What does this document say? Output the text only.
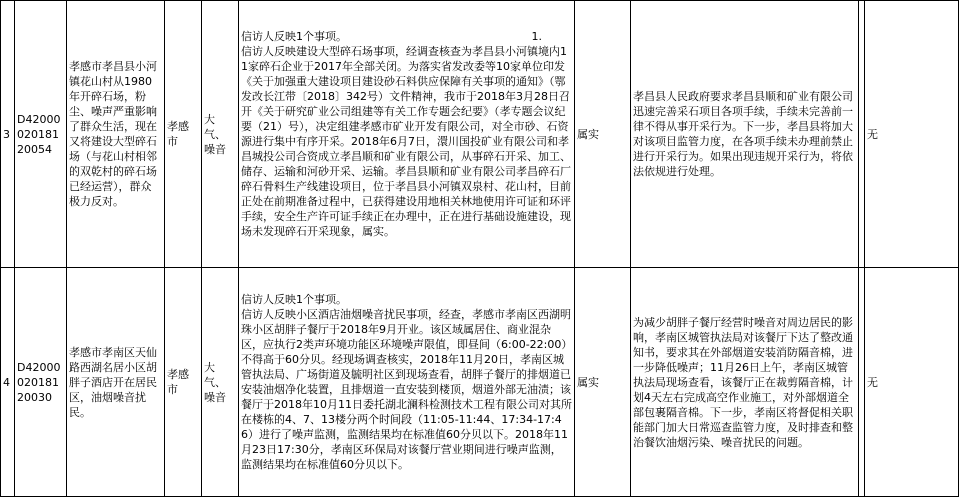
3	D4200002018120054	孝感市孝昌县小河镇花山村从1980年开碎石场，粉尘、噪声严重影响了群众生活，现在又将建设大型碎石场（与花山村相邻的双乾村的碎石场已经运营），群众极力反对。	孝感市	大气、噪音	信访人反映1个事项。 1.
信访人反映建设大型碎石场事项，经调查核查为孝昌县小河镇境内11家碎石企业于2017年全部关闭。为落实省发改委等10家单位印发《关于加强重大建设项目建设砂石料供应保障有关事项的通知》（鄂发改长江带〔2018〕342号）文件精神，我市于2018年3月28日召开《关于研究矿业公司组建等有关工作专题会纪要》（孝专题会议纪要（21）号），决定组建孝感市矿业开发有限公司，对全市砂、石资源进行集中有序开采。2018年6月7日，澴川国投矿业有限公司和孝昌城投公司合资成立孝昌顺和矿业有限公司，从事碎石开采、加工、储存、运输和河砂开采、运输。孝昌县顺和矿业有限公司孝昌碎石厂碎石骨料生产线建设项目，位于孝昌县小河镇双泉村、花山村，目前正处在前期准备过程中，已获得建设用地相关林地使用许可证和环评手续，安全生产许可证手续正在办理中，正在进行基础设施建设，现场未发现碎石开采现象，属实。	属实	孝昌县人民政府要求孝昌县顺和矿业有限公司迅速完善采石项目各项手续，手续未完善前一律不得从事开采行为。下一步，孝昌县将加大对该项目监管力度，在各项手续未办理前禁止进行开采行为。如果出现违规开采行为，将依法依规进行处理。		无
4	D4200002018120030	孝感市孝南区天仙路西湖名居小区胡胖子酒店开在居民区，油烟噪音扰民。	孝感市	大气、噪音	信访人反映1个事项。
信访人反映小区酒店油烟噪音扰民事项，经查，孝感市孝南区西湖明珠小区胡胖子餐厅于2018年9月开业。该区域属居住、商业混杂区，应执行2类声环境功能区环境噪声限值，即昼间（6:00-22:00）不得高于60分贝。经现场调查核实，2018年11月20日，孝南区城管执法局、广场街道及毓明社区到现场查看，胡胖子餐厅的排烟道已安装油烟净化装置，且排烟道一直安装到楼顶，烟道外部无油渍；该餐厅于2018年10月11日委托湖北澜科检测技术工程有限公司对其所在楼栋的4、7、13楼分两个时间段（11:05-11:44、17:34-17:46）进行了噪声监测，监测结果均在标准值60分贝以下。2018年11月23日17:30分，孝南区环保局对该餐厅营业期间进行噪声监测，监测结果均在标准值60分贝以下。	属实	为减少胡胖子餐厅经营时噪音对周边居民的影响，孝南区城管执法局对该餐厅下达了整改通知书，要求其在外部烟道安装消防隔音棉，进一步降低噪声；11月26日上午，孝南区城管执法局现场查看，该餐厅正在裁剪隔音棉，计划4天左右完成高空作业施工，对外部烟道全部包裹隔音棉。下一步，孝南区将督促相关职能部门加大日常巡查监管力度，及时排查和整治餐饮油烟污染、噪音扰民的问题。		无
